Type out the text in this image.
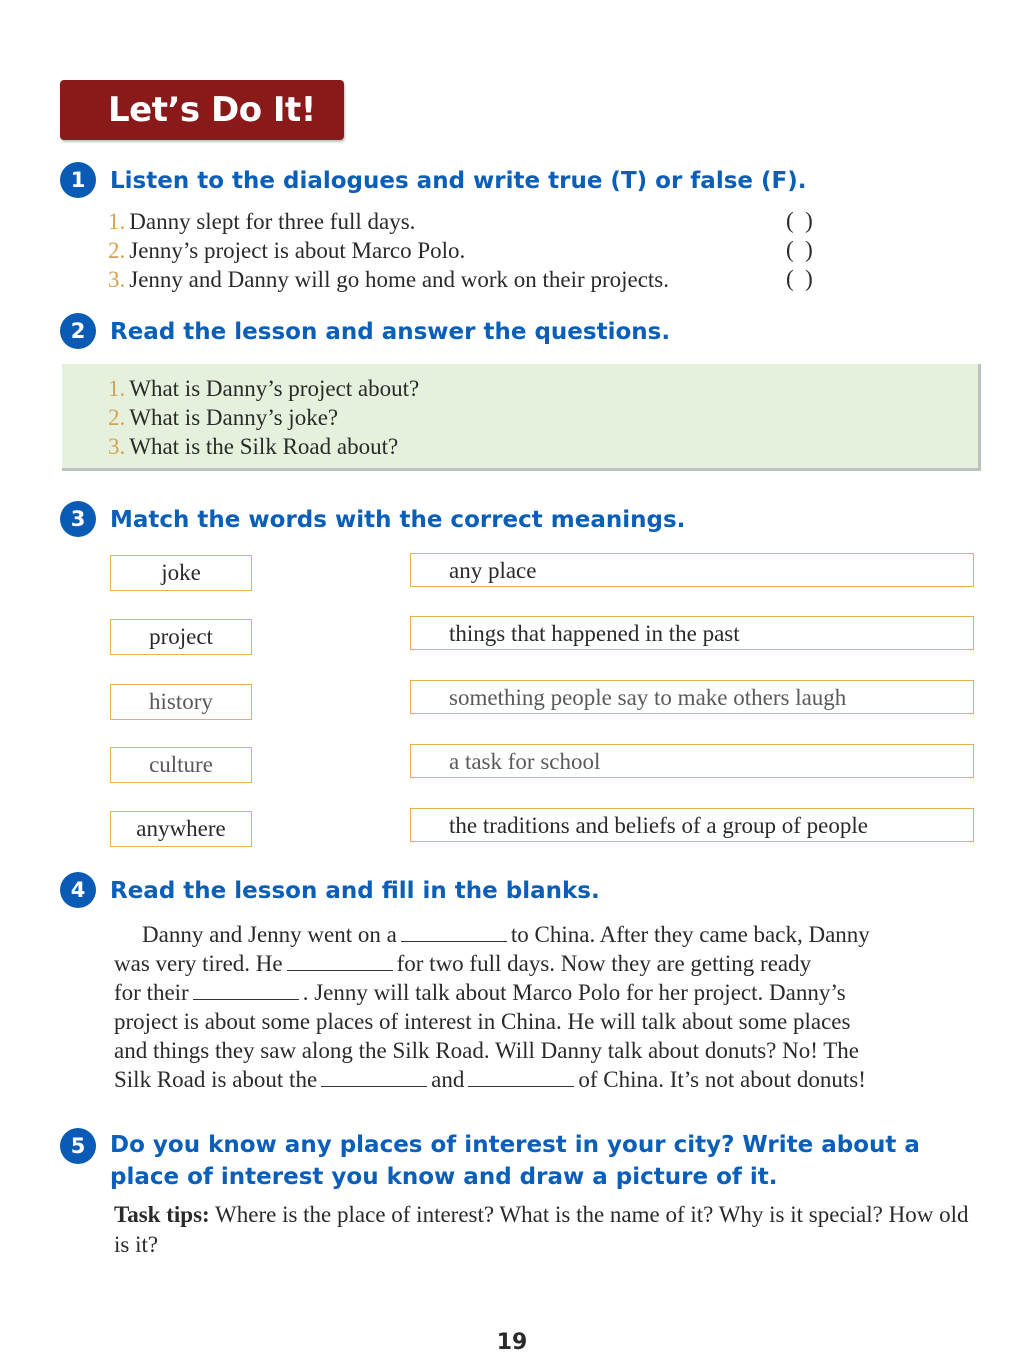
Let’s Do It!
1	Listen to the dialogues and write true (T) or false (F).
1. Danny slept for three full days.	(  )
2. Jenny’s project is about Marco Polo.	(  )
3. Jenny and Danny will go home and work on their projects.	(  )
2	Read the lesson and answer the questions.
1. What is Danny’s project about?
2. What is Danny’s joke?
3. What is the Silk Road about?
3	Match the words with the correct meanings.
joke	any place
project	things that happened in the past
history	something people say to make others laugh
culture	a task for school
anywhere	the traditions and beliefs of a group of people
4	Read the lesson and fill in the blanks.
Danny and Jenny went on a	to China. After they came back, Danny
was very tired. He	for two full days. Now they are getting ready
for their	. Jenny will talk about Marco Polo for her project. Danny’s
project is about some places of interest in China. He will talk about some places
and things they saw along the Silk Road. Will Danny talk about donuts? No! The
Silk Road is about the	and	of China. It’s not about donuts!
5	Do you know any places of interest in your city? Write about a place of interest you know and draw a picture of it.
Task tips: Where is the place of interest? What is the name of it? Why is it special? How old is it?
19
